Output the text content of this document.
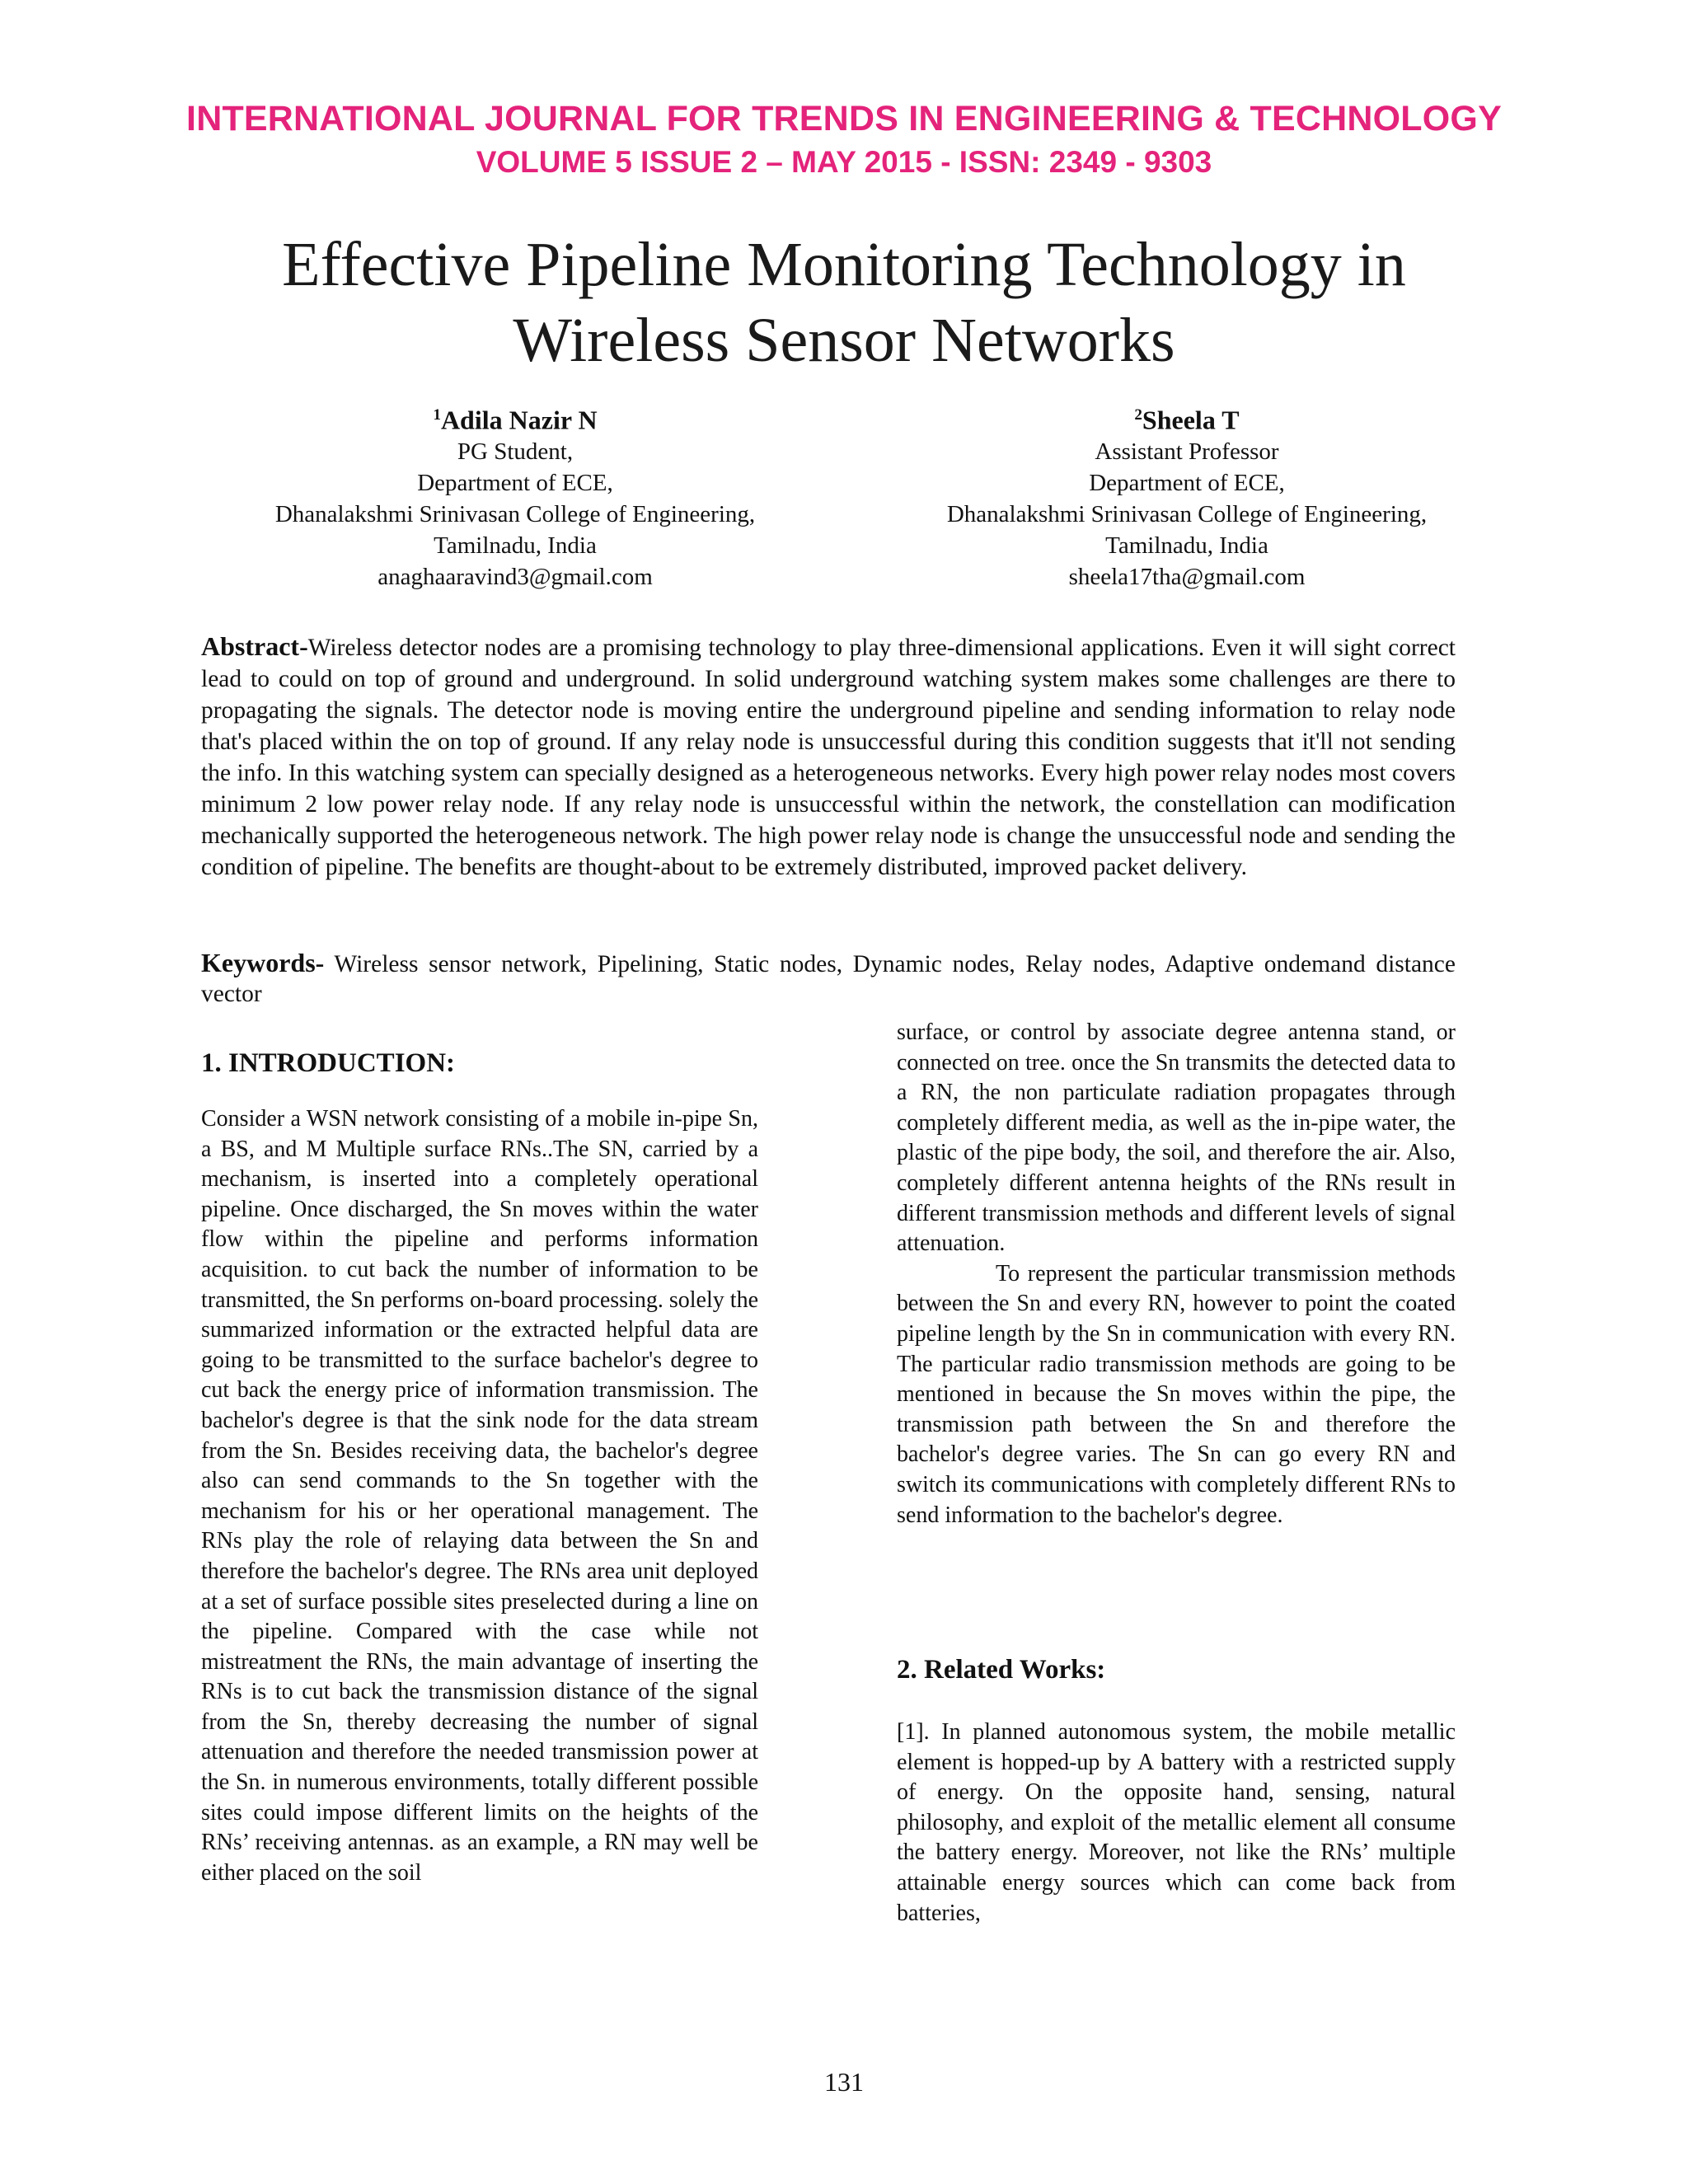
INTERNATIONAL JOURNAL FOR TRENDS IN ENGINEERING & TECHNOLOGY
VOLUME 5 ISSUE 2 – MAY 2015 - ISSN: 2349 - 9303
Effective Pipeline Monitoring Technology in
Wireless Sensor Networks
$^1$Adila Nazir N
PG Student,
Department of ECE,
Dhanalakshmi Srinivasan College of Engineering,
Tamilnadu, India
anaghaaravind3@gmail.com
$^2$Sheela T
Assistant Professor
Department of ECE,
Dhanalakshmi Srinivasan College of Engineering,
Tamilnadu, India
sheela17tha@gmail.com
Abstract-Wireless detector nodes are a promising technology to play three-dimensional applications. Even it will sight correct lead to could on top of ground and underground. In solid underground watching system makes some challenges are there to propagating the signals. The detector node is moving entire the underground pipeline and sending information to relay node that's placed within the on top of ground. If any relay node is unsuccessful during this condition suggests that it'll not sending the info. In this watching system can specially designed as a heterogeneous networks. Every high power relay nodes most covers minimum 2 low power relay node. If any relay node is unsuccessful within the network, the constellation can modification mechanically supported the heterogeneous network. The high power relay node is change the unsuccessful node and sending the condition of pipeline. The benefits are thought-about to be extremely distributed, improved packet delivery.
Keywords- Wireless sensor network, Pipelining, Static nodes, Dynamic nodes, Relay nodes, Adaptive ondemand distance vector
1. INTRODUCTION:

Consider a WSN network consisting of a mobile in-pipe Sn, a BS, and M Multiple surface RNs..The SN, carried by a mechanism, is inserted into a completely operational pipeline. Once discharged, the Sn moves within the water flow within the pipeline and performs information acquisition. to cut back the number of information to be transmitted, the Sn performs on-board processing. solely the summarized information or the extracted helpful data are going to be transmitted to the surface bachelor's degree to cut back the energy price of information transmission. The bachelor's degree is that the sink node for the data stream from the Sn. Besides receiving data, the bachelor's degree also can send commands to the Sn together with the mechanism for his or her operational management. The RNs play the role of relaying data between the Sn and therefore the bachelor's degree. The RNs area unit deployed at a set of surface possible sites preselected during a line on the pipeline. Compared with the case while not mistreatment the RNs, the main advantage of inserting the RNs is to cut back the transmission distance of the signal from the Sn, thereby decreasing the number of signal attenuation and therefore the needed transmission power at the Sn. in numerous environments, totally different possible sites could impose different limits on the heights of the RNs’ receiving antennas. as an example, a RN may well be either placed on the soil

surface, or control by associate degree antenna stand, or connected on tree. once the Sn transmits the detected data to a RN, the non particulate radiation propagates through completely different media, as well as the in-pipe water, the plastic of the pipe body, the soil, and therefore the air. Also, completely different antenna heights of the RNs result in different transmission methods and different levels of signal attenuation.

To represent the particular transmission methods between the Sn and every RN, however to point the coated pipeline length by the Sn in communication with every RN. The particular radio transmission methods are going to be mentioned in because the Sn moves within the pipe, the transmission path between the Sn and therefore the bachelor's degree varies. The Sn can go every RN and switch its communications with completely different RNs to send information to the bachelor's degree.

2. Related Works:

[1]. In planned autonomous system, the mobile metallic element is hopped-up by A battery with a restricted supply of energy. On the opposite hand, sensing, natural philosophy, and exploit of the metallic element all consume the battery energy. Moreover, not like the RNs’ multiple attainable energy sources which can come back from batteries,

131
